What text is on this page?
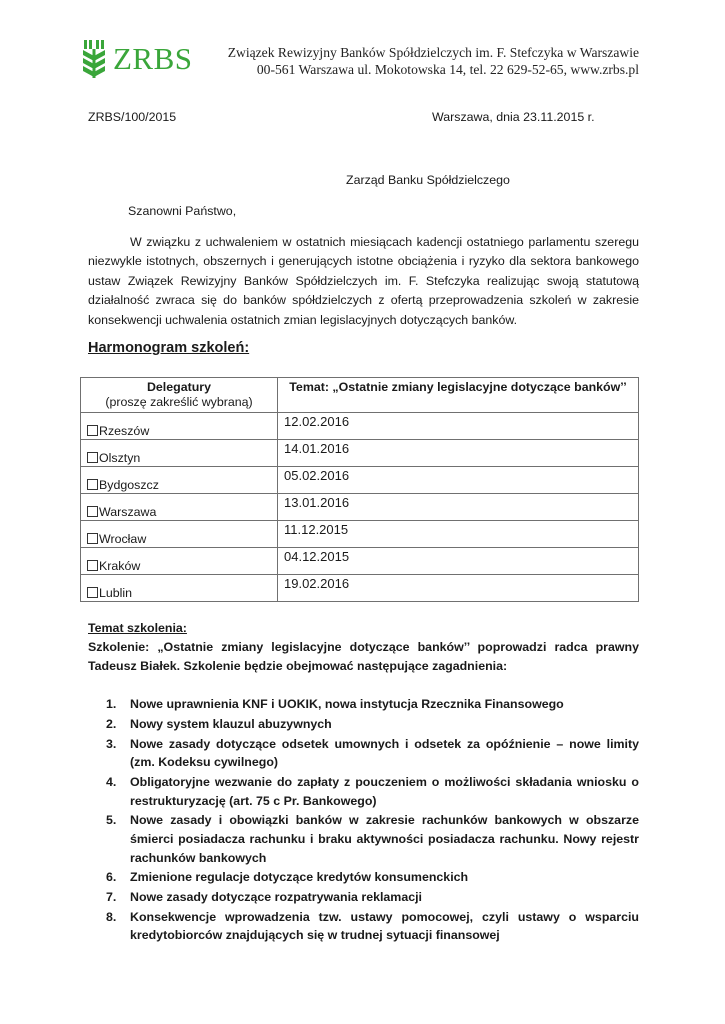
ZRBS	Związek Rewizyjny Banków Spółdzielczych im. F. Stefczyka w Warszawie
00-561 Warszawa ul. Mokotowska 14, tel. 22 629-52-65, www.zrbs.pl
ZRBS/100/2015	Warszawa, dnia 23.11.2015 r.
Zarząd Banku Spółdzielczego
Szanowni Państwo,
W związku z uchwaleniem w ostatnich miesiącach kadencji ostatniego parlamentu szeregu niezwykle istotnych, obszernych i generujących istotne obciążenia i ryzyko dla sektora bankowego ustaw Związek Rewizyjny Banków Spółdzielczych im. F. Stefczyka realizując swoją statutową działalność zwraca się do banków spółdzielczych z ofertą przeprowadzenia szkoleń w zakresie konsekwencji uchwalenia ostatnich zmian legislacyjnych dotyczących banków.
Harmonogram szkoleń:
Delegatury
(proszę zakreślić wybraną)	Temat: „Ostatnie zmiany legislacyjne dotyczące banków’’

Rzeszów	12.02.2016

Olsztyn	14.01.2016

Bydgoszcz	05.02.2016

Warszawa	13.01.2016

Wrocław	11.12.2015

Kraków	04.12.2015

Lublin	19.02.2016
Temat szkolenia:
Szkolenie: „Ostatnie zmiany legislacyjne dotyczące banków’’ poprowadzi radca prawny Tadeusz Białek. Szkolenie będzie obejmować następujące zagadnienia:
1.	Nowe uprawnienia KNF i UOKIK, nowa instytucja Rzecznika Finansowego
2.	Nowy system klauzul abuzywnych
3.	Nowe zasady dotyczące odsetek umownych i odsetek za opóźnienie – nowe limity (zm. Kodeksu cywilnego)
4.	Obligatoryjne wezwanie do zapłaty z pouczeniem o możliwości składania wniosku o restrukturyzację (art. 75 c Pr. Bankowego)
5.	Nowe zasady i obowiązki banków w zakresie rachunków bankowych w obszarze śmierci posiadacza rachunku i braku aktywności posiadacza rachunku. Nowy rejestr rachunków bankowych
6.	Zmienione regulacje dotyczące kredytów konsumenckich
7.	Nowe zasady dotyczące rozpatrywania reklamacji
8.	Konsekwencje wprowadzenia tzw. ustawy pomocowej, czyli ustawy o wsparciu kredytobiorców znajdujących się w trudnej sytuacji finansowej
